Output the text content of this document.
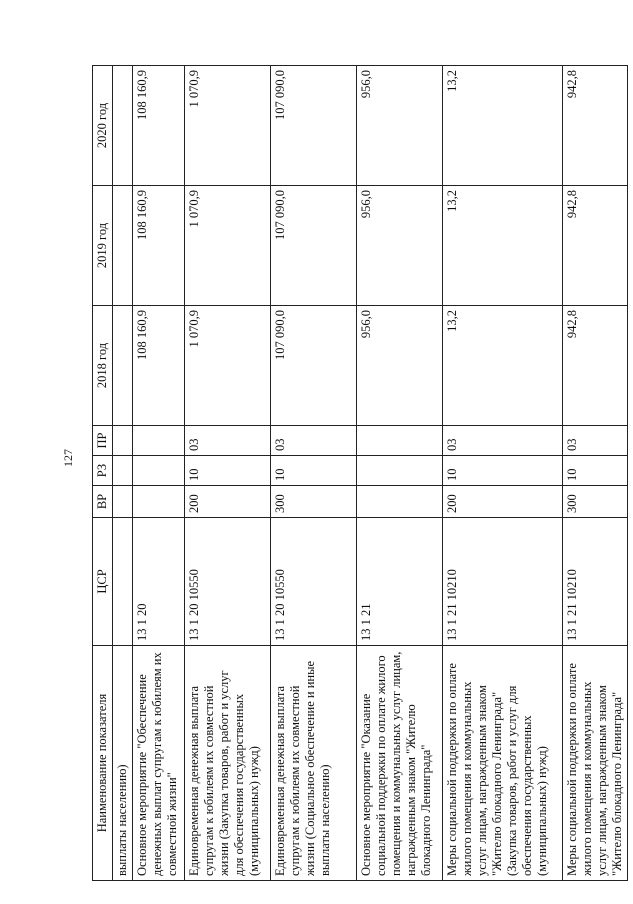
127
Наименование показателя	ЦСР	ВР	РЗ	ПР	2018 год	2019 год	2020 год
выплаты населению)							
Основное мероприятие "Обеспечение денежных выплат супругам к юбилеям их совместной жизни"	13 1 20				108 160,9	108 160,9	108 160,9
Единовременная денежная выплата супругам к юбилеям их совместной жизни (Закупка товаров, работ и услуг для обеспечения государственных (муниципальных) нужд)	13 1 20 10550	200	10	03	1 070,9	1 070,9	1 070,9
Единовременная денежная выплата супругам к юбилеям их совместной жизни (Социальное обеспечение и иные выплаты населению)	13 1 20 10550	300	10	03	107 090,0	107 090,0	107 090,0
Основное мероприятие "Оказание социальной поддержки по оплате жилого помещения и коммунальных услуг лицам, награжденным знаком "Жителю блокадного Ленинграда"	13 1 21				956,0	956,0	956,0
Меры социальной поддержки по оплате жилого помещения и коммунальных услуг лицам, награжденным знаком "Жителю блокадного Ленинграда" (Закупка товаров, работ и услуг для обеспечения государственных (муниципальных) нужд)	13 1 21 10210	200	10	03	13,2	13,2	13,2
Меры социальной поддержки по оплате жилого помещения и коммунальных услуг лицам, награжденным знаком "Жителю блокадного Ленинграда"	13 1 21 10210	300	10	03	942,8	942,8	942,8
